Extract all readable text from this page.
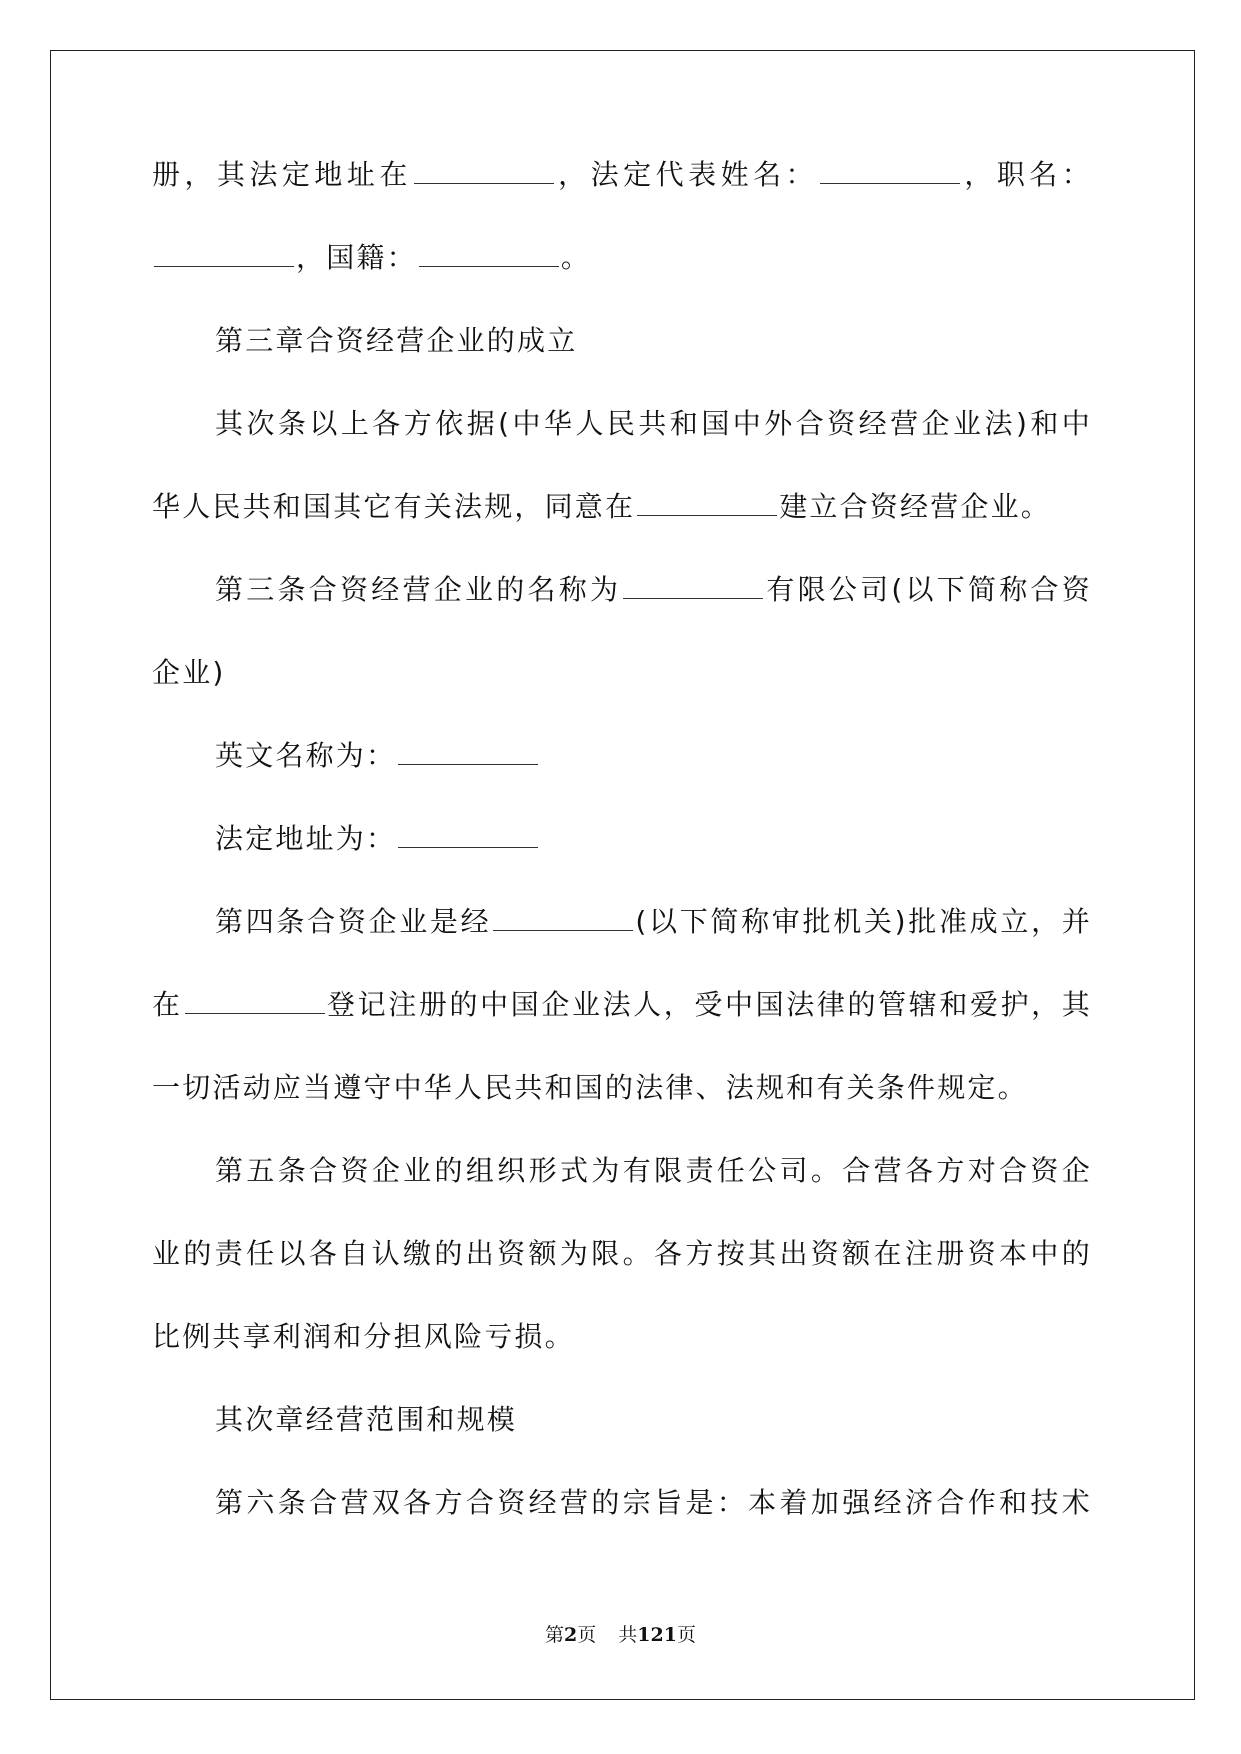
册，其法定地址在	，法定代表姓名：	，职名：
，国籍：	。
第三章合资经营企业的成立
其次条以上各方依据(中华人民共和国中外合资经营企业法)和中
华人民共和国其它有关法规，同意在	建立合资经营企业。
第三条合资经营企业的名称为	有限公司(以下简称合资
企业)
英文名称为：
法定地址为：
第四条合资企业是经	(以下简称审批机关)批准成立，并
在	登记注册的中国企业法人，受中国法律的管辖和爱护，其
一切活动应当遵守中华人民共和国的法律、法规和有关条件规定。
第五条合资企业的组织形式为有限责任公司。合营各方对合资企
业的责任以各自认缴的出资额为限。各方按其出资额在注册资本中的
比例共享利润和分担风险亏损。
其次章经营范围和规模
第六条合营双各方合资经营的宗旨是：本着加强经济合作和技术
第2页 共121页
